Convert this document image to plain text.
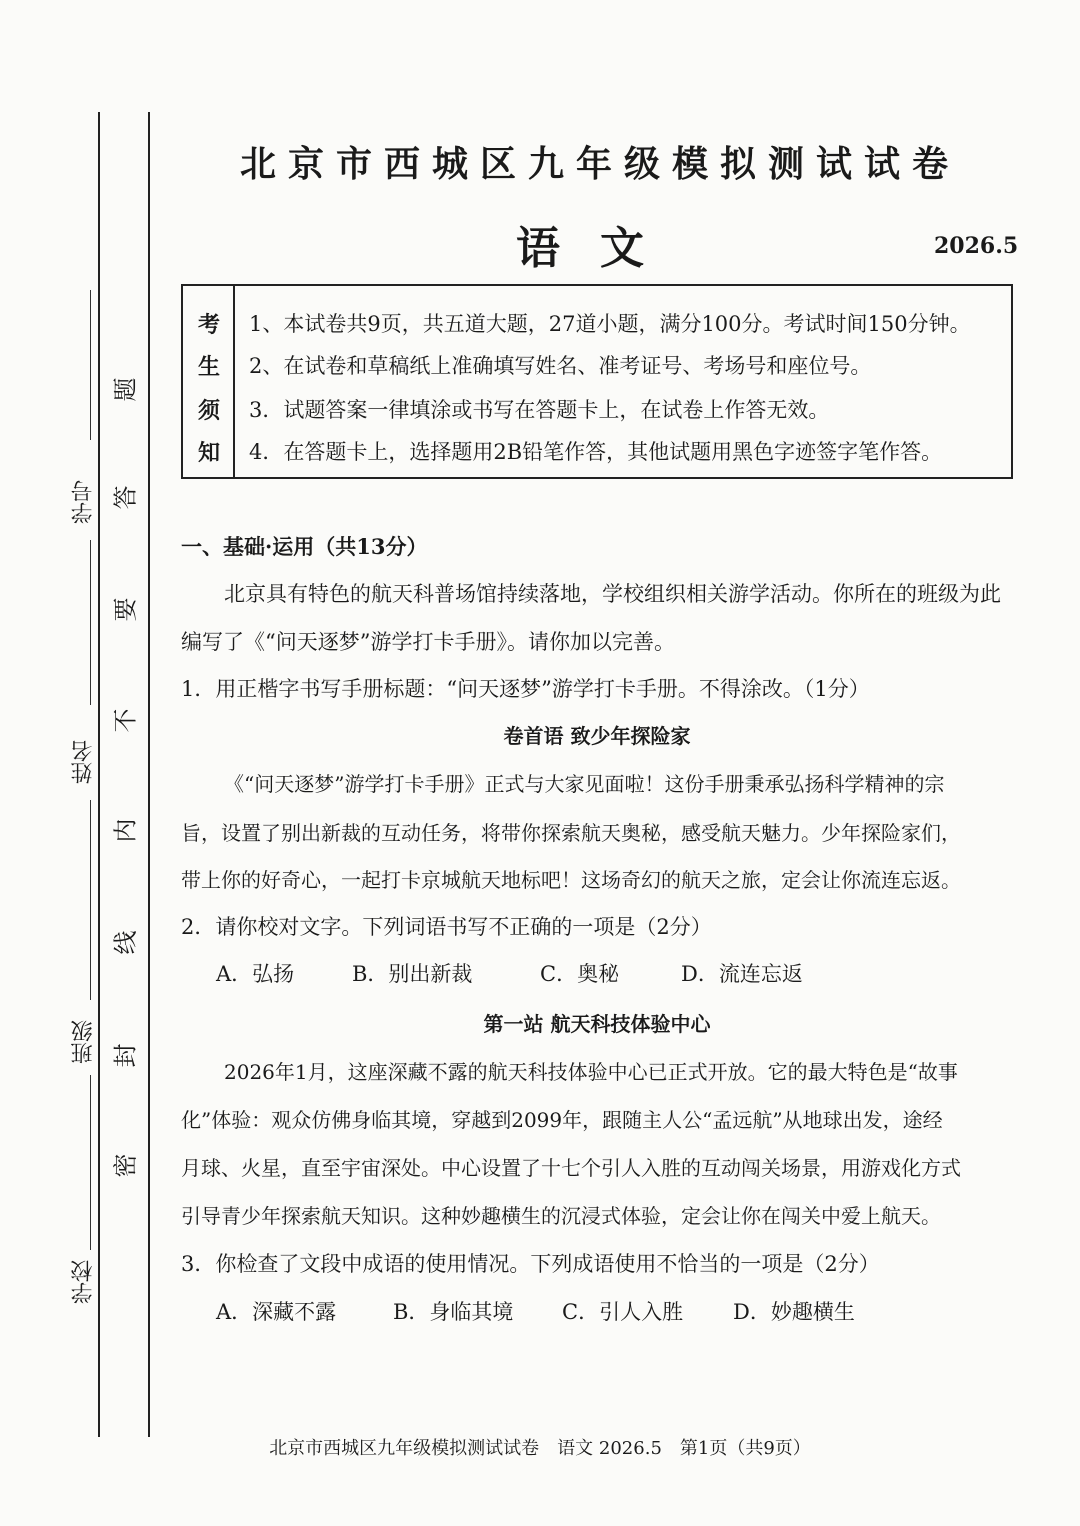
学号
姓名
班级
学校
题
答
要
不
内
线
封
密
北京市西城区九年级模拟测试试卷
语文	2026.5
考
生
须
知
1、本试卷共9页，共五道大题，27道小题，满分100分。考试时间150分钟。
2、在试卷和草稿纸上准确填写姓名、准考证号、考场号和座位号。
3．试题答案一律填涂或书写在答题卡上，在试卷上作答无效。
4．在答题卡上，选择题用2B铅笔作答，其他试题用黑色字迹签字笔作答。
一、基础·运用（共13分）
北京具有特色的航天科普场馆持续落地，学校组织相关游学活动。你所在的班级为此
编写了《“问天逐梦”游学打卡手册》。请你加以完善。
1．用正楷字书写手册标题：“问天逐梦”游学打卡手册。不得涂改。（1分）
卷首语 致少年探险家
《“问天逐梦”游学打卡手册》正式与大家见面啦！这份手册秉承弘扬科学精神的宗
旨，设置了别出新裁的互动任务，将带你探索航天奥秘，感受航天魅力。少年探险家们，
带上你的好奇心，一起打卡京城航天地标吧！这场奇幻的航天之旅，定会让你流连忘返。
2．请你校对文字。下列词语书写不正确的一项是（2分）
A．弘扬	B．别出新裁	C．奥秘	D．流连忘返
第一站 航天科技体验中心
2026年1月，这座深藏不露的航天科技体验中心已正式开放。它的最大特色是“故事
化”体验：观众仿佛身临其境，穿越到2099年，跟随主人公“孟远航”从地球出发，途经
月球、火星，直至宇宙深处。中心设置了十七个引人入胜的互动闯关场景，用游戏化方式
引导青少年探索航天知识。这种妙趣横生的沉浸式体验，定会让你在闯关中爱上航天。
3．你检查了文段中成语的使用情况。下列成语使用不恰当的一项是（2分）
A．深藏不露	B．身临其境 C．引人入胜 D．妙趣横生
北京市西城区九年级模拟测试试卷　语文 2026.5　第1页（共9页）
